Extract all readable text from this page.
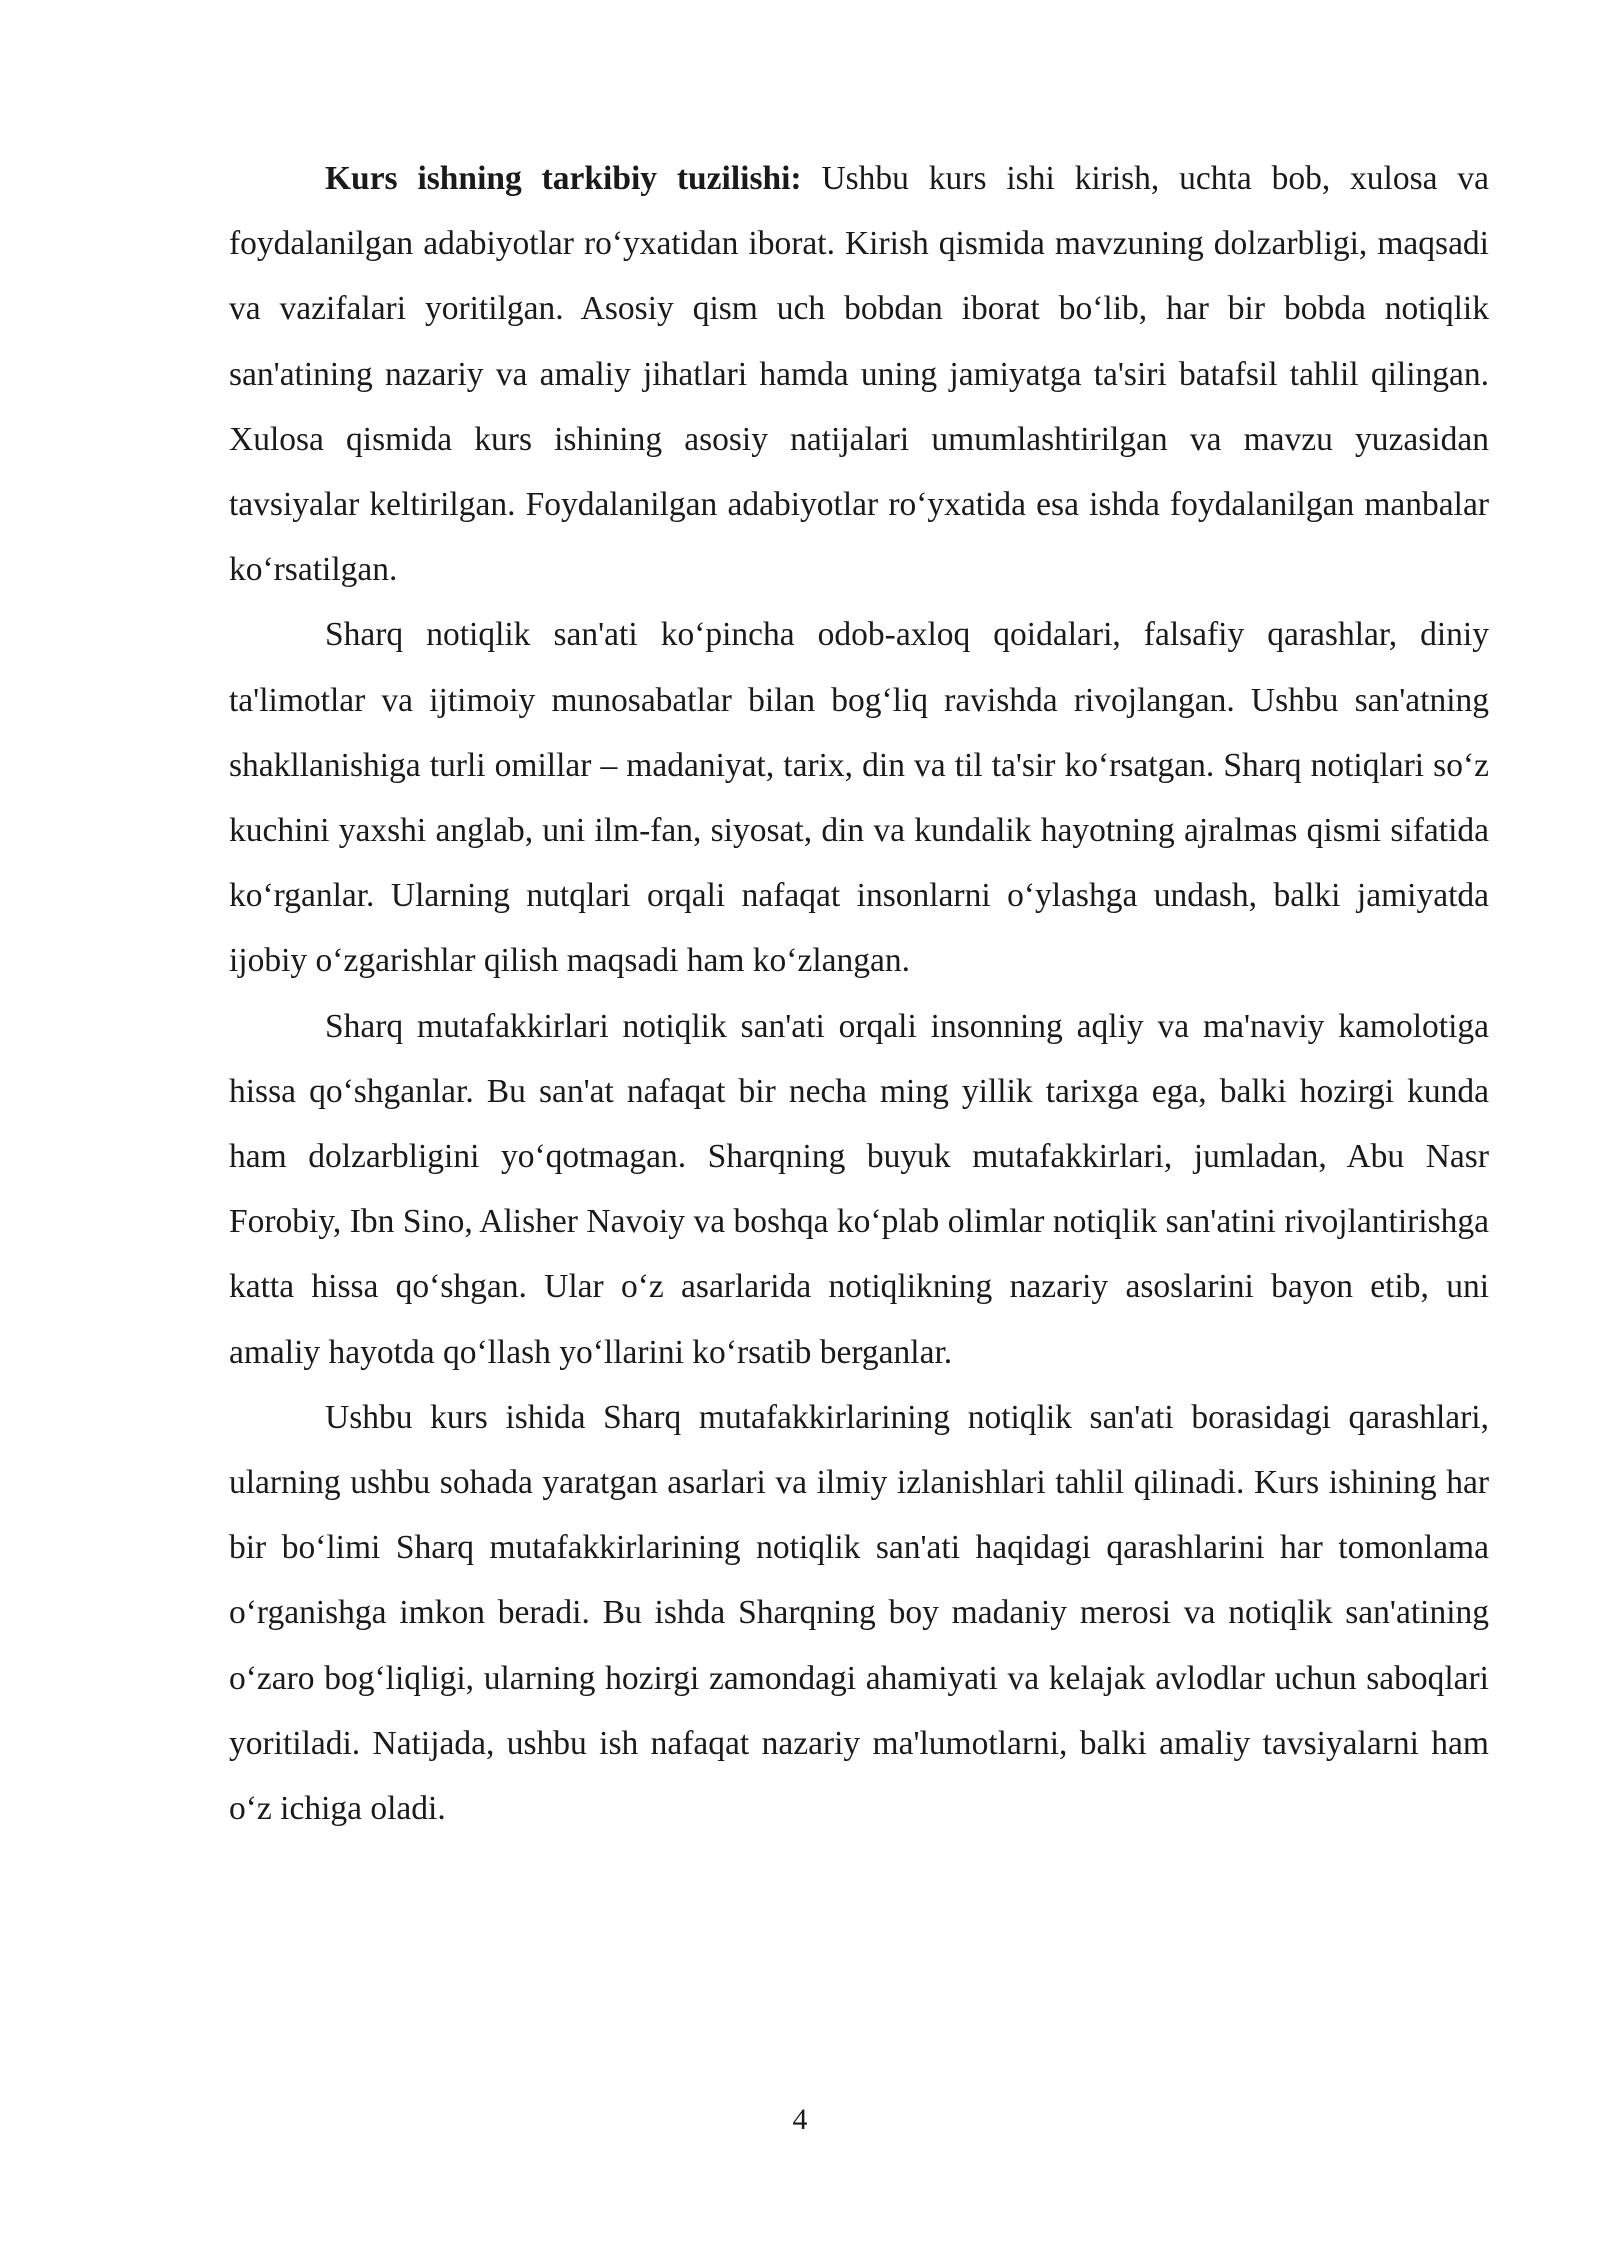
Kurs ishning tarkibiy tuzilishi: Ushbu kurs ishi kirish, uchta bob, xulosa va foydalanilgan adabiyotlar ro‘yxatidan iborat. Kirish qismida mavzuning dolzarbligi, maqsadi va vazifalari yoritilgan. Asosiy qism uch bobdan iborat bo‘lib, har bir bobda notiqlik san'atining nazariy va amaliy jihatlari hamda uning jamiyatga ta'siri batafsil tahlil qilingan. Xulosa qismida kurs ishining asosiy natijalari umumlashtirilgan va mavzu yuzasidan tavsiyalar keltirilgan. Foydalanilgan adabiyotlar ro‘yxatida esa ishda foydalanilgan manbalar ko‘rsatilgan.

Sharq notiqlik san'ati ko‘pincha odob-axloq qoidalari, falsafiy qarashlar, diniy ta'limotlar va ijtimoiy munosabatlar bilan bog‘liq ravishda rivojlangan. Ushbu san'atning shakllanishiga turli omillar – madaniyat, tarix, din va til ta'sir ko‘rsatgan. Sharq notiqlari so‘z kuchini yaxshi anglab, uni ilm-fan, siyosat, din va kundalik hayotning ajralmas qismi sifatida ko‘rganlar. Ularning nutqlari orqali nafaqat insonlarni o‘ylashga undash, balki jamiyatda ijobiy o‘zgarishlar qilish maqsadi ham ko‘zlangan.

Sharq mutafakkirlari notiqlik san'ati orqali insonning aqliy va ma'naviy kamolotiga hissa qo‘shganlar. Bu san'at nafaqat bir necha ming yillik tarixga ega, balki hozirgi kunda ham dolzarbligini yo‘qotmagan. Sharqning buyuk mutafakkirlari, jumladan, Abu Nasr Forobiy, Ibn Sino, Alisher Navoiy va boshqa ko‘plab olimlar notiqlik san'atini rivojlantirishga katta hissa qo‘shgan. Ular o‘z asarlarida notiqlikning nazariy asoslarini bayon etib, uni amaliy hayotda qo‘llash yo‘llarini ko‘rsatib berganlar.

Ushbu kurs ishida Sharq mutafakkirlarining notiqlik san'ati borasidagi qarashlari, ularning ushbu sohada yaratgan asarlari va ilmiy izlanishlari tahlil qilinadi. Kurs ishining har bir bo‘limi Sharq mutafakkirlarining notiqlik san'ati haqidagi qarashlarini har tomonlama o‘rganishga imkon beradi. Bu ishda Sharqning boy madaniy merosi va notiqlik san'atining o‘zaro bog‘liqligi, ularning hozirgi zamondagi ahamiyati va kelajak avlodlar uchun saboqlari yoritiladi. Natijada, ushbu ish nafaqat nazariy ma'lumotlarni, balki amaliy tavsiyalarni ham o‘z ichiga oladi.

4
